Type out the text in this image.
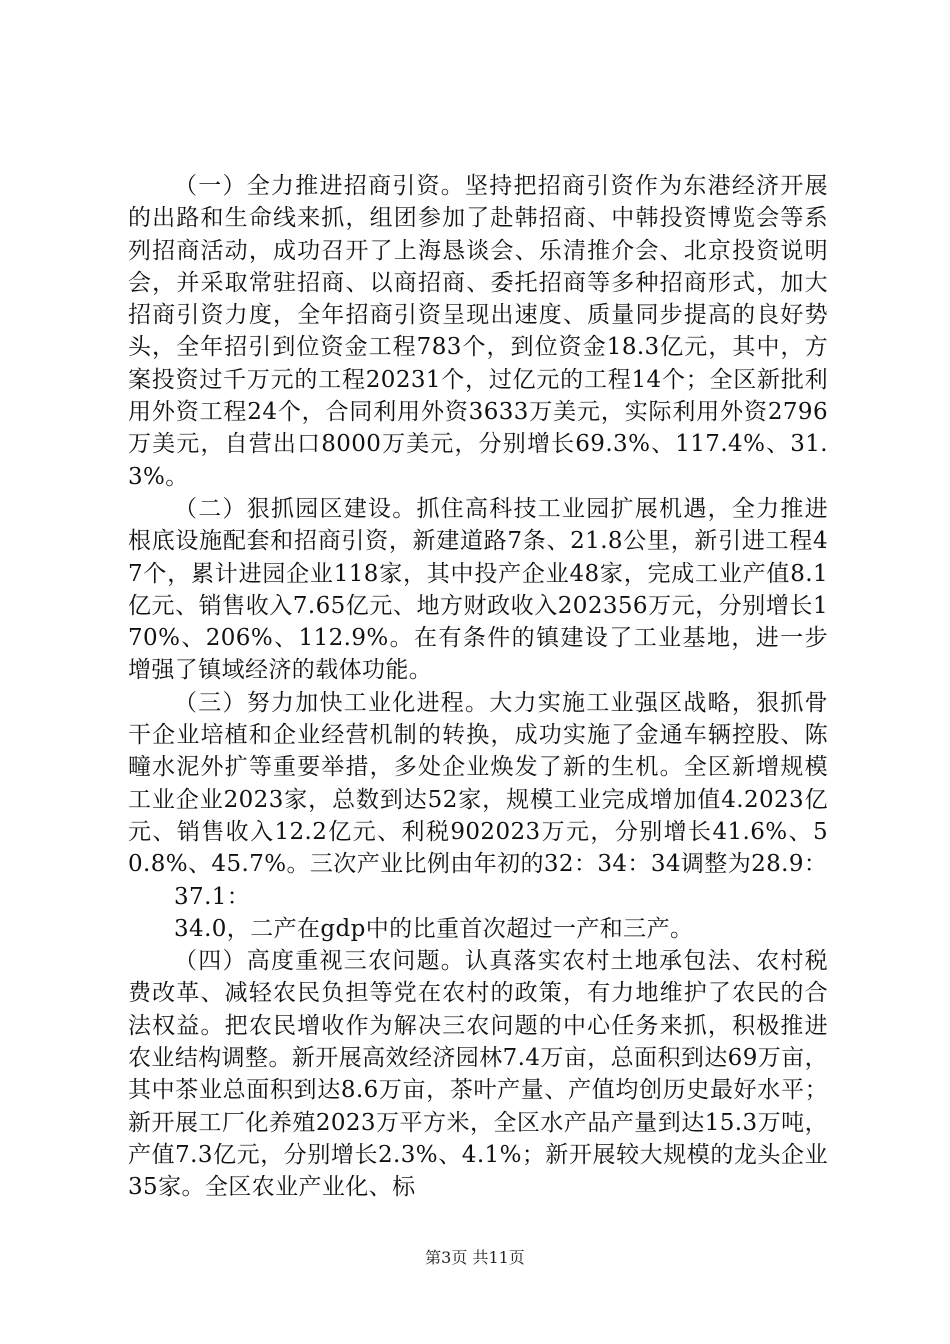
（一）全力推进招商引资。坚持把招商引资作为东港经济开展的出路和生命线来抓，组团参加了赴韩招商、中韩投资博览会等系列招商活动，成功召开了上海恳谈会、乐清推介会、北京投资说明会，并采取常驻招商、以商招商、委托招商等多种招商形式，加大招商引资力度，全年招商引资呈现出速度、质量同步提高的良好势头，全年招引到位资金工程783个，到位资金18.3亿元，其中，方案投资过千万元的工程20231个，过亿元的工程14个；全区新批利用外资工程24个，合同利用外资3633万美元，实际利用外资2796万美元，自营出口8000万美元，分别增长69.3%、117.4%、31.3%。

（二）狠抓园区建设。抓住高科技工业园扩展机遇，全力推进根底设施配套和招商引资，新建道路7条、21.8公里，新引进工程47个，累计进园企业118家，其中投产企业48家，完成工业产值8.1亿元、销售收入7.65亿元、地方财政收入202356万元，分别增长170%、206%、112.9%。在有条件的镇建设了工业基地，进一步增强了镇域经济的载体功能。

（三）努力加快工业化进程。大力实施工业强区战略，狠抓骨干企业培植和企业经营机制的转换，成功实施了金通车辆控股、陈疃水泥外扩等重要举措，多处企业焕发了新的生机。全区新增规模工业企业2023家，总数到达52家，规模工业完成增加值4.2023亿元、销售收入12.2亿元、利税902023万元，分别增长41.6%、50.8%、45.7%。三次产业比例由年初的32：34：34调整为28.9：

37.1：

34.0，二产在gdp中的比重首次超过一产和三产。

（四）高度重视三农问题。认真落实农村土地承包法、农村税费改革、减轻农民负担等党在农村的政策，有力地维护了农民的合法权益。把农民增收作为解决三农问题的中心任务来抓，积极推进农业结构调整。新开展高效经济园林7.4万亩，总面积到达69万亩，其中茶业总面积到达8.6万亩，茶叶产量、产值均创历史最好水平；新开展工厂化养殖2023万平方米，全区水产品产量到达15.3万吨，产值7.3亿元，分别增长2.3%、4.1%；新开展较大规模的龙头企业35家。全区农业产业化、标

第3页 共11页
